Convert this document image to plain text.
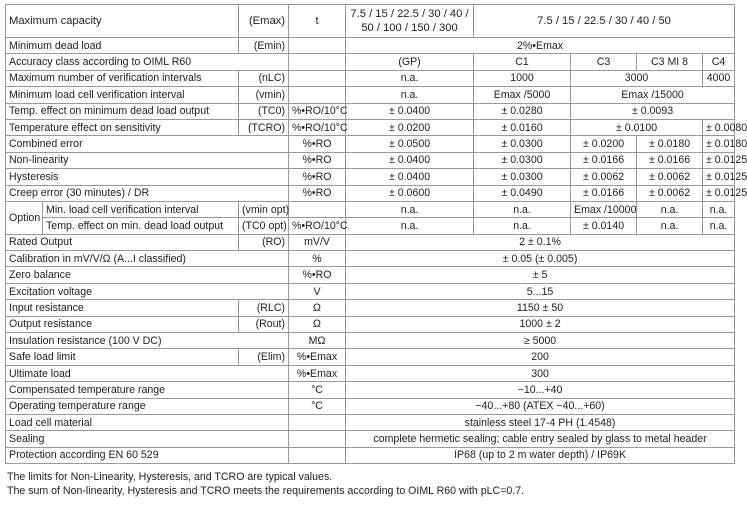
Maximum capacity		(Emax)	t	7.5 / 15 / 22.5 / 30 / 40 / 50 / 100 / 150 / 300	7.5 / 15 / 22.5 / 30 / 40 / 50			
Minimum dead load		(Emin)		2%•Emax				
Accuracy class according to OIML R60				(GP)	C1	C3	C3 MI 8	C4
Maximum number of verification intervals		(nLC)		n.a.	1000	3000		4000
Minimum load cell verification interval		(vmin)		n.a.	Emax /5000	Emax /15000		
Temp. effect on minimum dead load output		(TC0)	%•RO/10°C	± 0.0400	± 0.0280	± 0.0093		
Temperature effect on sensitivity		(TCRO)	%•RO/10°C	± 0.0200	± 0.0160	± 0.0100		± 0.0080
Combined error			%•RO	± 0.0500	± 0.0300	± 0.0200	± 0.0180	± 0.0180
Non-linearity			%•RO	± 0.0400	± 0.0300	± 0.0166	± 0.0166	± 0.0125
Hysteresis			%•RO	± 0.0400	± 0.0300	± 0.0062	± 0.0062	± 0.0125
Creep error (30 minutes) / DR			%•RO	± 0.0600	± 0.0490	± 0.0166	± 0.0062	± 0.0125
Option	Min. load cell verification interval	(vmin opt)		n.a.	n.a.	Emax /10000	n.a.	n.a.
	Temp. effect on min. dead load output	(TC0 opt)	%•RO/10°C	n.a.	n.a.	± 0.0140	n.a.	n.a.
Rated Output		(RO)	mV/V	2 ± 0.1%				
Calibration in mV/V/Ω (A...I classified)			%	± 0.05 (± 0.005)				
Zero balance			%•RO	± 5				
Excitation voltage			V	5...15				
Input resistance		(RLC)	Ω	1150 ± 50				
Output resistance		(Rout)	Ω	1000 ± 2				
Insulation resistance (100 V DC)			MΩ	≥ 5000				
Safe load limit		(Elim)	%•Emax	200				
Ultimate load			%•Emax	300				
Compensated temperature range			°C	−10...+40				
Operating temperature range			°C	−40...+80 (ATEX −40...+60)				
Load cell material				stainless steel 17-4 PH (1.4548)				
Sealing				complete hermetic sealing; cable entry sealed by glass to metal header				
Protection according EN 60 529				IP68 (up to 2 m water depth) / IP69K				
The limits for Non-Linearity, Hysteresis, and TCRO are typical values.
The sum of Non-linearity, Hysteresis and TCRO meets the requirements according to OIML R60 with pLC=0.7.
